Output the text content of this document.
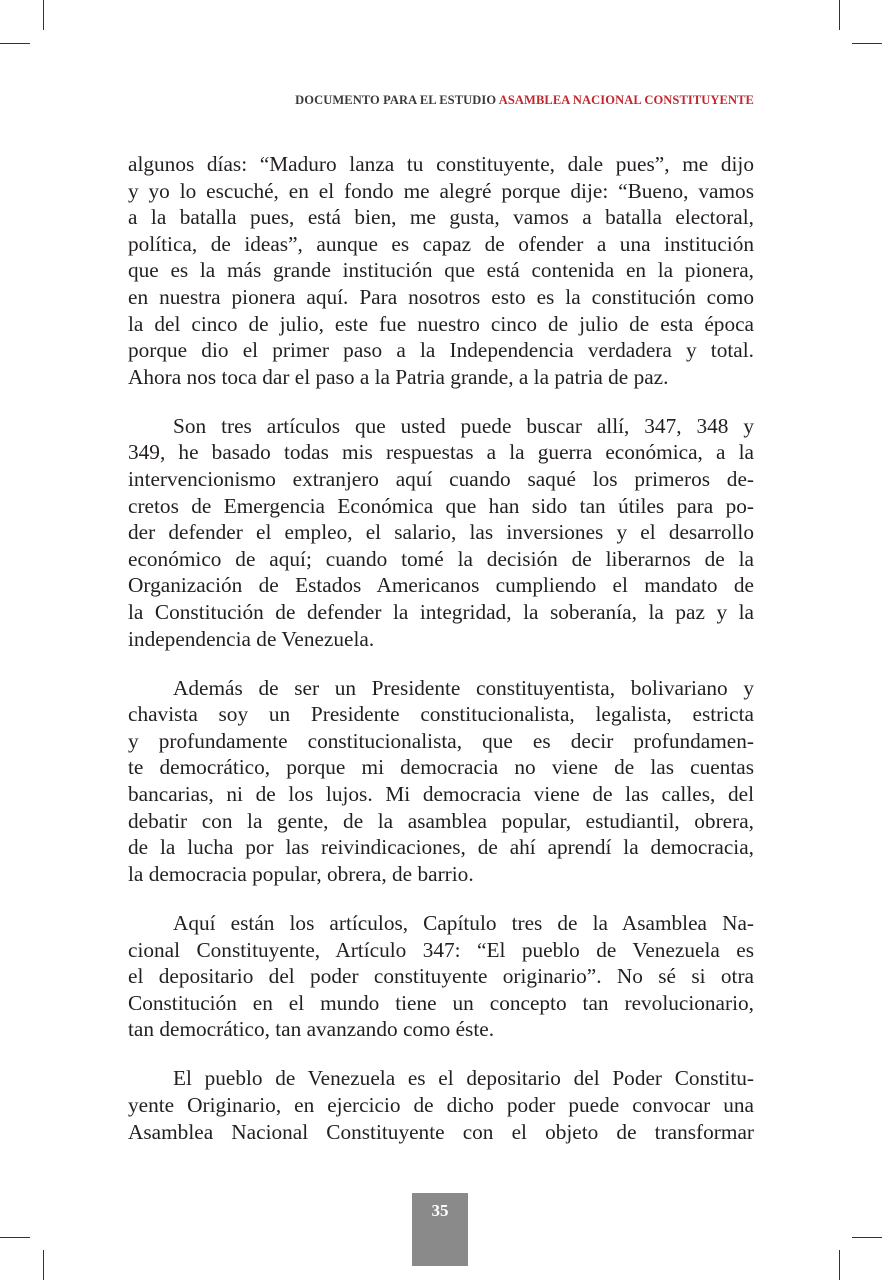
DOCUMENTO PARA EL ESTUDIO ASAMBLEA NACIONAL CONSTITUYENTE
algunos días: “Maduro lanza tu constituyente, dale pues”, me dijo
y yo lo escuché, en el fondo me alegré porque dije: “Bueno, vamos
a la batalla pues, está bien, me gusta, vamos a batalla electoral,
política, de ideas”, aunque es capaz de ofender a una institución
que es la más grande institución que está contenida en la pionera,
en nuestra pionera aquí. Para nosotros esto es la constitución como
la del cinco de julio, este fue nuestro cinco de julio de esta época
porque dio el primer paso a la Independencia verdadera y total.
Ahora nos toca dar el paso a la Patria grande, a la patria de paz.
Son tres artículos que usted puede buscar allí, 347, 348 y
349, he basado todas mis respuestas a la guerra económica, a la
intervencionismo extranjero aquí cuando saqué los primeros de-
cretos de Emergencia Económica que han sido tan útiles para po-
der defender el empleo, el salario, las inversiones y el desarrollo
económico de aquí; cuando tomé la decisión de liberarnos de la
Organización de Estados Americanos cumpliendo el mandato de
la Constitución de defender la integridad, la soberanía, la paz y la
independencia de Venezuela.
Además de ser un Presidente constituyentista, bolivariano y
chavista soy un Presidente constitucionalista, legalista, estricta
y profundamente constitucionalista, que es decir profundamen-
te democrático, porque mi democracia no viene de las cuentas
bancarias, ni de los lujos. Mi democracia viene de las calles, del
debatir con la gente, de la asamblea popular, estudiantil, obrera,
de la lucha por las reivindicaciones, de ahí aprendí la democracia,
la democracia popular, obrera, de barrio.
Aquí están los artículos, Capítulo tres de la Asamblea Na-
cional Constituyente, Artículo 347: “El pueblo de Venezuela es
el depositario del poder constituyente originario”. No sé si otra
Constitución en el mundo tiene un concepto tan revolucionario,
tan democrático, tan avanzando como éste.
El pueblo de Venezuela es el depositario del Poder Constitu-
yente Originario, en ejercicio de dicho poder puede convocar una
Asamblea Nacional Constituyente con el objeto de transformar
35
